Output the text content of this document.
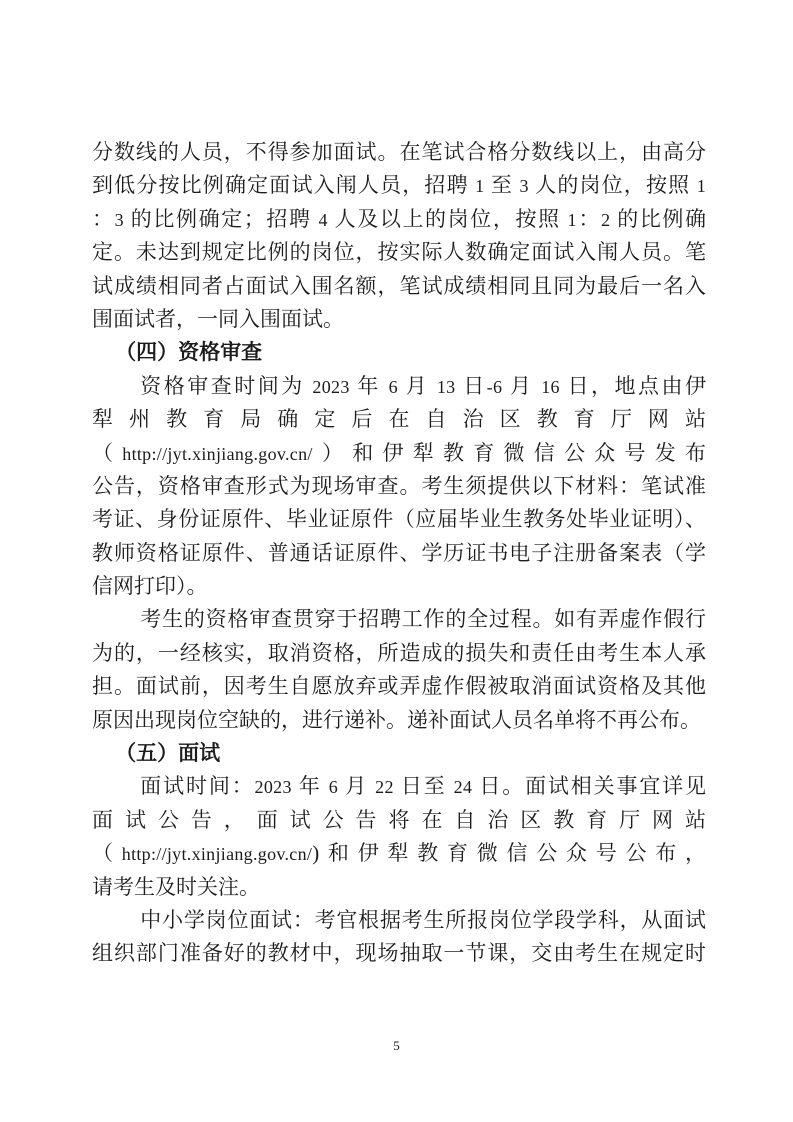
分数线的人员，不得参加面试。在笔试合格分数线以上，由高分
到低分按比例确定面试入闱人员，招聘 1 至 3 人的岗位，按照 1
：3 的比例确定；招聘 4 人及以上的岗位，按照 1：2 的比例确
定。未达到规定比例的岗位，按实际人数确定面试入闱人员。笔
试成绩相同者占面试入围名额，笔试成绩相同且同为最后一名入
围面试者，一同入围面试。
（四）资格审查
资格审查时间为 2023 年 6 月 13 日-6 月 16 日，地点由伊
犁州教育局确定后在自治区教育厅网站
（http://jyt.xinjiang.gov.cn/）和伊犁教育微信公众号发布
公告，资格审查形式为现场审查。考生须提供以下材料：笔试准
考证、身份证原件、毕业证原件（应届毕业生教务处毕业证明）、
教师资格证原件、普通话证原件、学历证书电子注册备案表（学
信网打印）。
考生的资格审查贯穿于招聘工作的全过程。如有弄虚作假行
为的，一经核实，取消资格，所造成的损失和责任由考生本人承
担。面试前，因考生自愿放弃或弄虚作假被取消面试资格及其他
原因出现岗位空缺的，进行递补。递补面试人员名单将不再公布。
（五）面试
面试时间：2023 年 6 月 22 日至 24 日。面试相关事宜详见
面试公告，面试公告将在自治区教育厅网站
（http://jyt.xinjiang.gov.cn/)和伊犁教育微信公众号公布，
请考生及时关注。
中小学岗位面试：考官根据考生所报岗位学段学科，从面试
组织部门准备好的教材中，现场抽取一节课，交由考生在规定时
5
